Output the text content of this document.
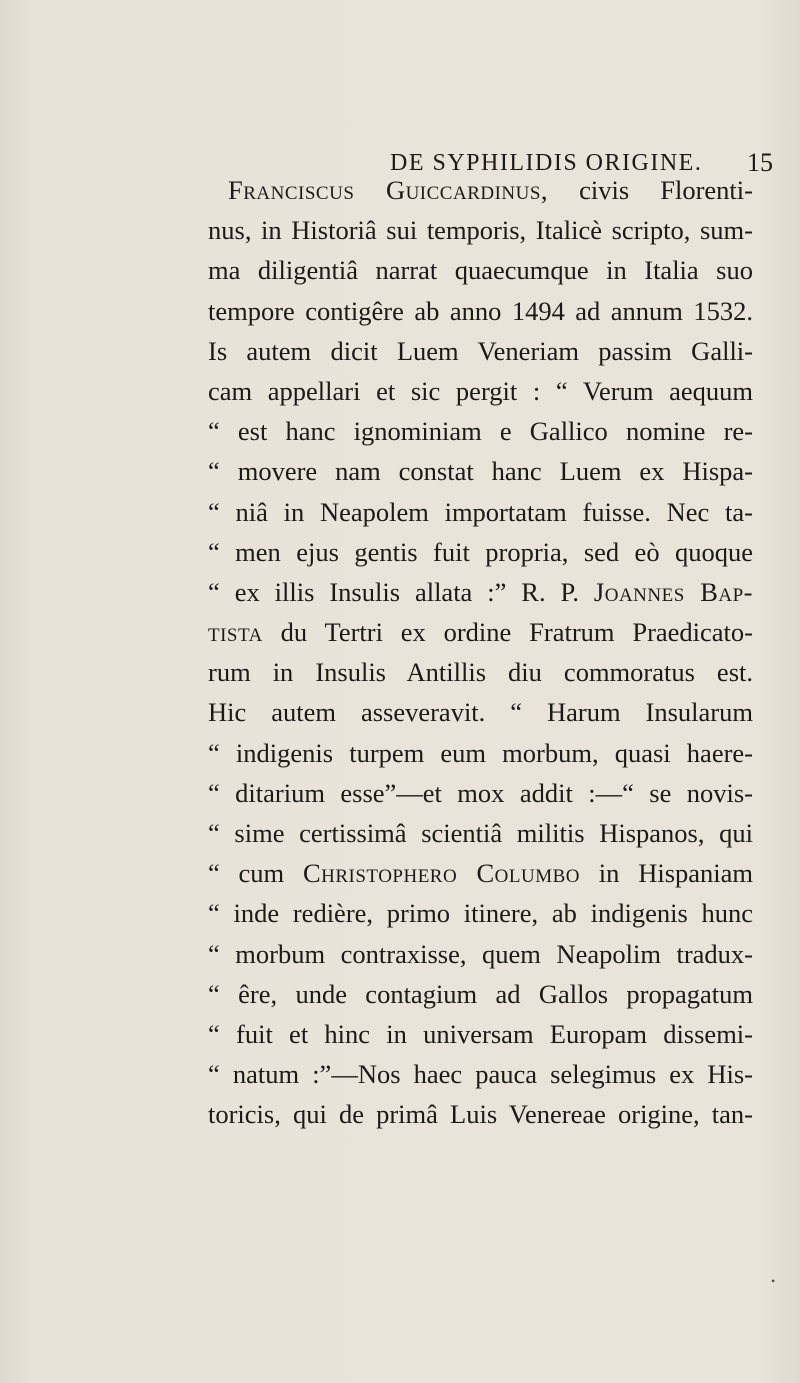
DE SYPHILIDIS ORIGINE. 15
Franciscus Guiccardinus, civis Florenti-
nus, in Historiâ sui temporis, Italicè scripto, sum-
ma diligentiâ narrat quaecumque in Italia suo
tempore contigêre ab anno 1494 ad annum 1532.
Is autem dicit Luem Veneriam passim Galli-
cam appellari et sic pergit : “ Verum aequum
“ est hanc ignominiam e Gallico nomine re-
“ movere nam constat hanc Luem ex Hispa-
“ niâ in Neapolem importatam fuisse. Nec ta-
“ men ejus gentis fuit propria, sed eò quoque
“ ex illis Insulis allata :” R. P. Joannes Bap-
tista du Tertri ex ordine Fratrum Praedicato-
rum in Insulis Antillis diu commoratus est.
Hic autem asseveravit. “ Harum Insularum
“ indigenis turpem eum morbum, quasi haere-
“ ditarium esse”—et mox addit :—“ se novis-
“ sime certissimâ scientiâ militis Hispanos, qui
“ cum Christophero Columbo in Hispaniam
“ inde redière, primo itinere, ab indigenis hunc
“ morbum contraxisse, quem Neapolim tradux-
“ êre, unde contagium ad Gallos propagatum
“ fuit et hinc in universam Europam dissemi-
“ natum :”—Nos haec pauca selegimus ex His-
toricis, qui de primâ Luis Venereae origine, tan-
•
